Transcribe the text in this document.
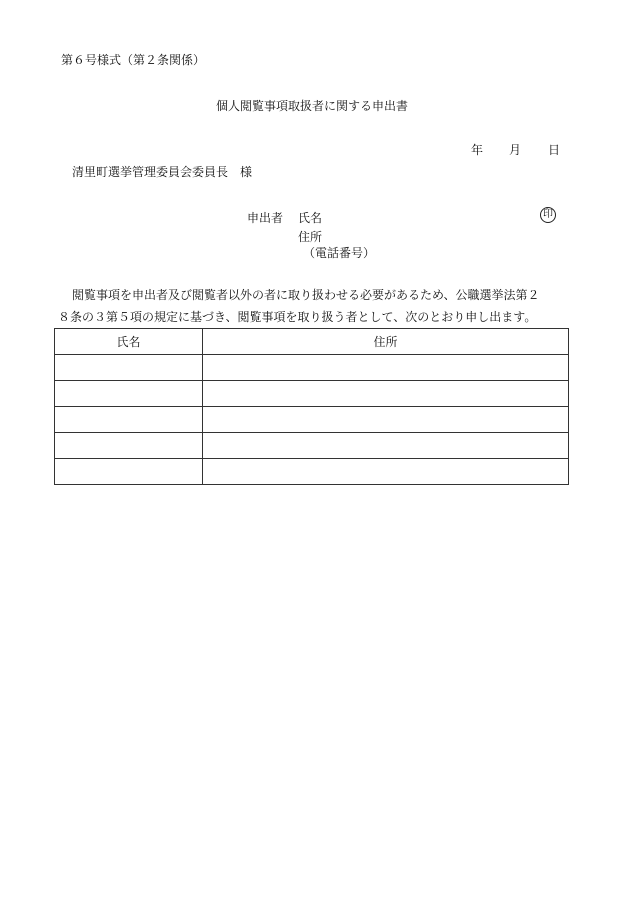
第６号様式（第２条関係）
個人閲覧事項取扱者に関する申出書
年 月 日
清里町選挙管理委員会委員長　様
申出者 氏名	印
住所
（電話番号）
閲覧事項を申出者及び閲覧者以外の者に取り扱わせる必要があるため、公職選挙法第２
８条の３第５項の規定に基づき、閲覧事項を取り扱う者として、次のとおり申し出ます。
氏名	住所
